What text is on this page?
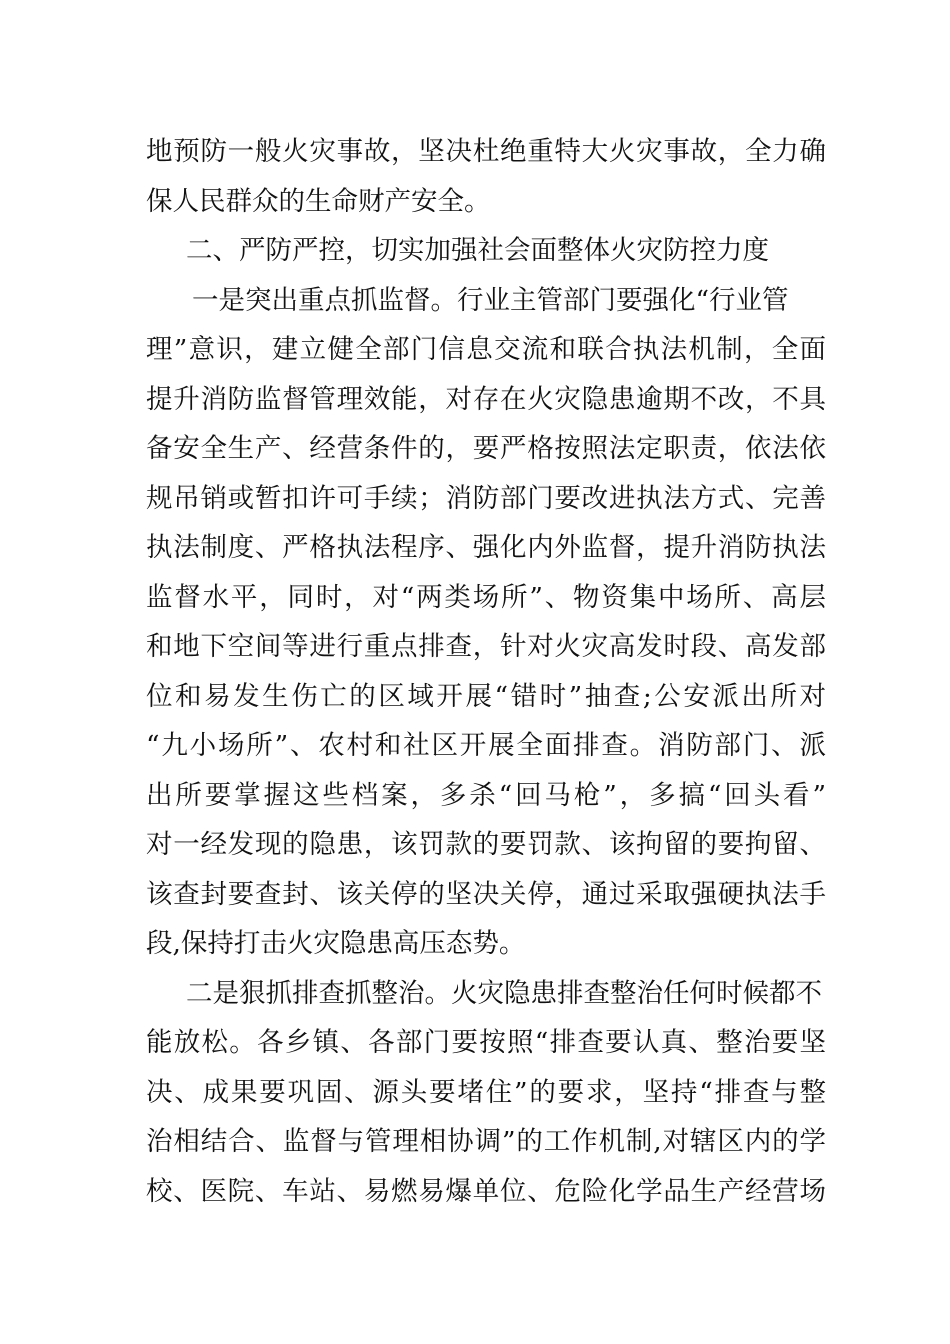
地预防一般火灾事故，坚决杜绝重特大火灾事故，全力确
保人民群众的生命财产安全。
二、严防严控，切实加强社会面整体火灾防控力度
一是突出重点抓监督。行业主管部门要强化“行业管
理”意识，建立健全部门信息交流和联合执法机制，全面
提升消防监督管理效能，对存在火灾隐患逾期不改，不具
备安全生产、经营条件的，要严格按照法定职责，依法依
规吊销或暂扣许可手续；消防部门要改进执法方式、完善
执法制度、严格执法程序、强化内外监督，提升消防执法
监督水平，同时，对“两类场所”、物资集中场所、高层
和地下空间等进行重点排查，针对火灾高发时段、高发部
位和易发生伤亡的区域开展“错时”抽查;公安派出所对
“九小场所”、农村和社区开展全面排查。消防部门、派
出所要掌握这些档案，多杀“回马枪”，多搞“回头看”
对一经发现的隐患，该罚款的要罚款、该拘留的要拘留、
该查封要查封、该关停的坚决关停，通过采取强硬执法手
段,保持打击火灾隐患高压态势。
二是狠抓排查抓整治。火灾隐患排查整治任何时候都不
能放松。各乡镇、各部门要按照“排查要认真、整治要坚
决、成果要巩固、源头要堵住”的要求，坚持“排查与整
治相结合、监督与管理相协调”的工作机制,对辖区内的学
校、医院、车站、易燃易爆单位、危险化学品生产经营场
